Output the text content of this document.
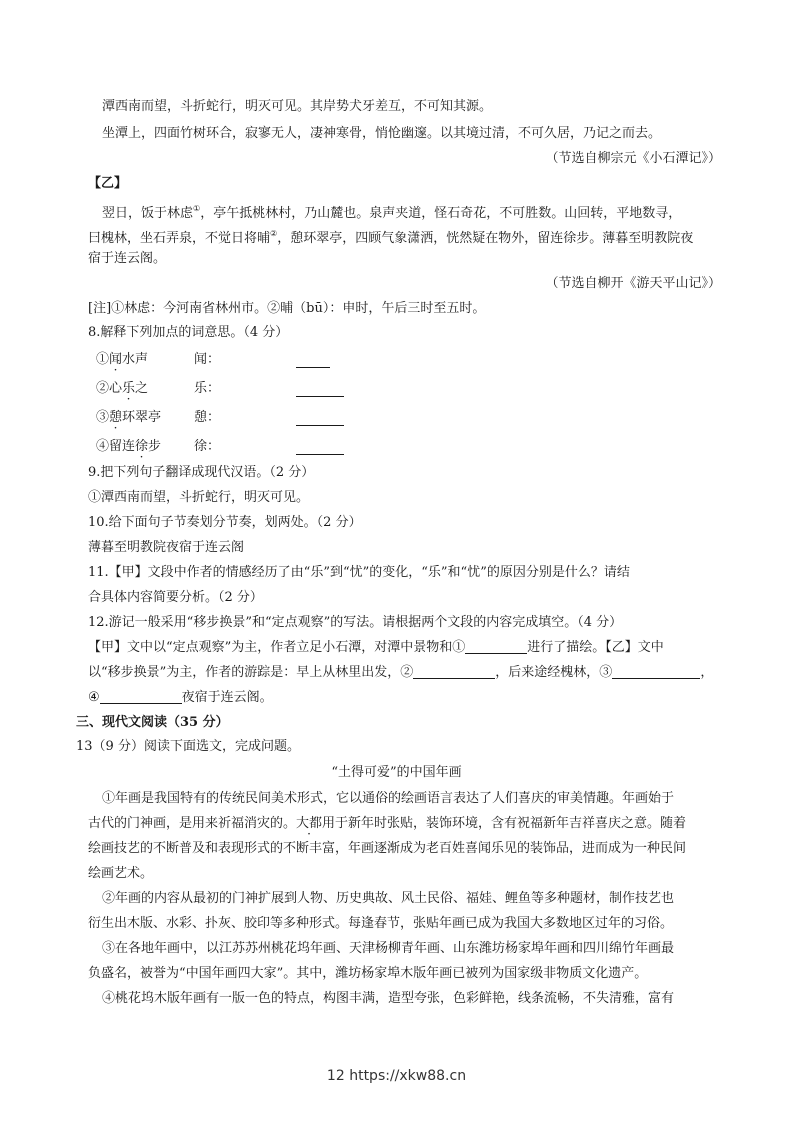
潭西南而望，斗折蛇行，明灭可见。其岸势犬牙差互，不可知其源。
坐潭上，四面竹树环合，寂寥无人，凄神寒骨，悄怆幽邃。以其境过清，不可久居，乃记之而去。
（节选自柳宗元《小石潭记》）
【乙】
翌日，饭于林虑①，亭午抵桃林村，乃山麓也。泉声夹道，怪石奇花，不可胜数。山回转，平地数寻，
曰槐林，坐石弄泉，不觉日将晡②，憩环翠亭，四顾气象潇洒，恍然疑在物外，留连徐步。薄暮至明教院夜
宿于连云阁。
（节选自柳开《游天平山记》）
[注]①林虑：今河南省林州市。②晡（bū）：申时，午后三时至五时。
8.解释下列加点的词意思。（4 分）
①闻水声	闻：
②心乐之	乐：
③憩环翠亭	憩：
④留连徐步	徐：
9.把下列句子翻译成现代汉语。（2 分）
①潭西南而望，斗折蛇行，明灭可见。
10.给下面句子节奏划分节奏，划两处。（2 分）
薄暮至明教院夜宿于连云阁
11.【甲】文段中作者的情感经历了由“乐”到“忧”的变化，“乐”和“忧”的原因分别是什么？请结
合具体内容简要分析。（2 分）
12.游记一般采用“移步换景”和“定点观察”的写法。请根据两个文段的内容完成填空。（4 分）
【甲】文中以“定点观察”为主，作者立足小石潭，对潭中景物和①	进行了描绘。【乙】文中
以“移步换景”为主，作者的游踪是：早上从林里出发，②	，后来途经槐林，③	，
④	夜宿于连云阁。
三、现代文阅读（35 分）
13（9 分）阅读下面选文，完成问题。
“土得可爱”的中国年画
①年画是我国特有的传统民间美术形式，它以通俗的绘画语言表达了人们喜庆的审美情趣。年画始于
古代的门神画，是用来祈福消灾的。大都用于新年时张贴，装饰环境，含有祝福新年吉祥喜庆之意。随着
绘画技艺的不断普及和表现形式的不断丰富，年画逐渐成为老百姓喜闻乐见的装饰品，进而成为一种民间
绘画艺术。
②年画的内容从最初的门神扩展到人物、历史典故、风土民俗、福娃、鲤鱼等多种题材，制作技艺也
衍生出木版、水彩、扑灰、胶印等多种形式。每逢春节，张贴年画已成为我国大多数地区过年的习俗。
③在各地年画中，以江苏苏州桃花坞年画、天津杨柳青年画、山东潍坊杨家埠年画和四川绵竹年画最
负盛名，被誉为“中国年画四大家”。其中，潍坊杨家埠木版年画已被列为国家级非物质文化遗产。
④桃花坞木版年画有一版一色的特点，构图丰满，造型夸张，色彩鲜艳，线条流畅，不失清雅，富有
12 https://xkw88.cn
